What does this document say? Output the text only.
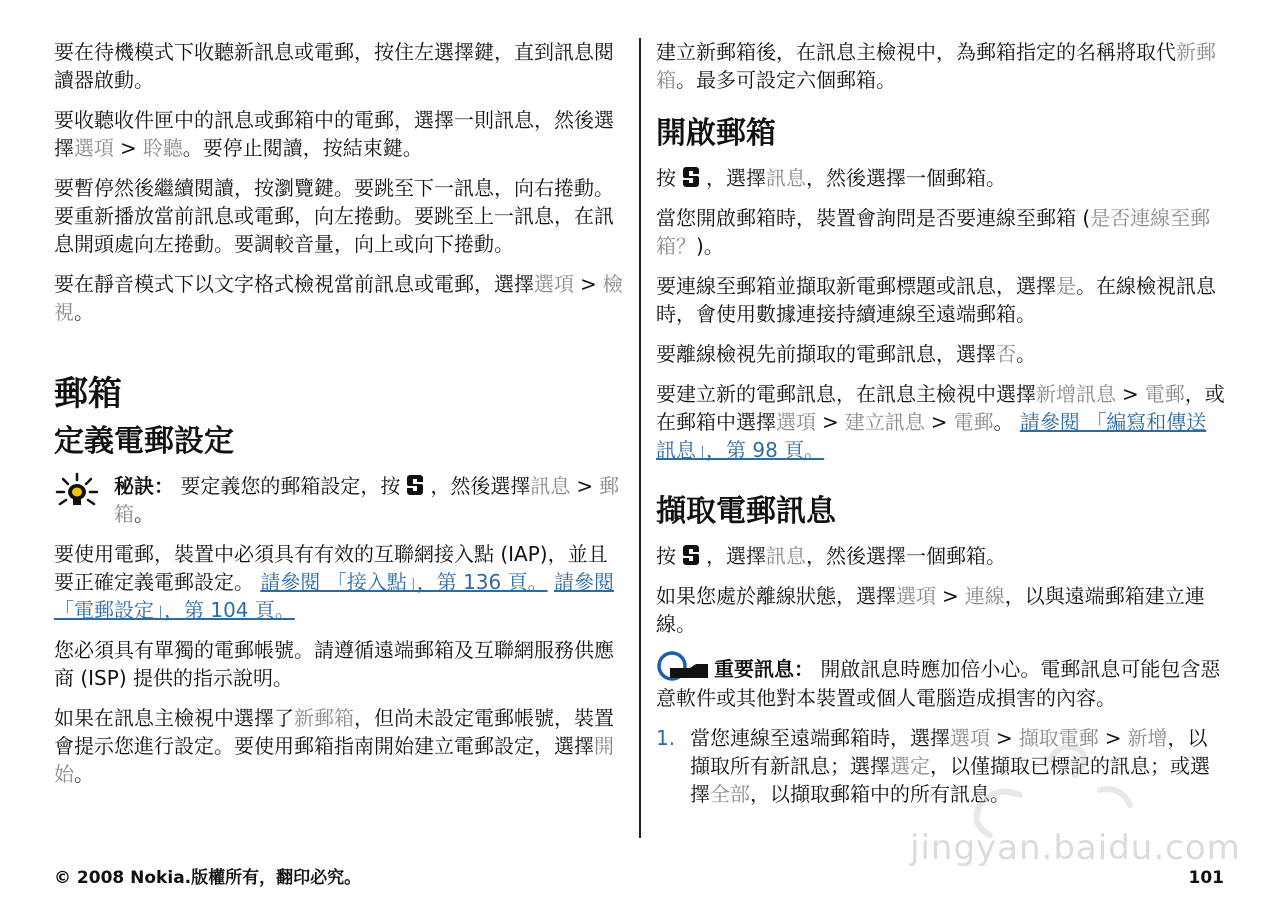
要在待機模式下收聽新訊息或電郵，按住左選擇鍵，直到訊息閱讀器啟動。

要收聽收件匣中的訊息或郵箱中的電郵，選擇一則訊息，然後選擇選項 > 聆聽。要停止閱讀，按結束鍵。

要暫停然後繼續閱讀，按瀏覽鍵。要跳至下一訊息，向右捲動。要重新播放當前訊息或電郵，向左捲動。要跳至上一訊息，在訊息開頭處向左捲動。要調較音量，向上或向下捲動。

要在靜音模式下以文字格式檢視當前訊息或電郵，選擇選項 > 檢視。

郵箱
定義電郵設定
秘訣： 要定義您的郵箱設定，按 ，然後選擇訊息 > 郵箱。

要使用電郵，裝置中必須具有有效的互聯網接入點 (IAP)，並且要正確定義電郵設定。 請參閱 「接入點」，第 136 頁。 請參閱 「電郵設定」，第 104 頁。

您必須具有單獨的電郵帳號。請遵循遠端郵箱及互聯網服務供應商 (ISP) 提供的指示說明。

如果在訊息主檢視中選擇了新郵箱，但尚未設定電郵帳號，裝置會提示您進行設定。要使用郵箱指南開始建立電郵設定，選擇開始。

建立新郵箱後，在訊息主檢視中，為郵箱指定的名稱將取代新郵箱。最多可設定六個郵箱。

開啟郵箱

按 ，選擇訊息，然後選擇一個郵箱。

當您開啟郵箱時，裝置會詢問是否要連線至郵箱 (是否連線至郵箱？)。

要連線至郵箱並擷取新電郵標題或訊息，選擇是。在線檢視訊息時，會使用數據連接持續連線至遠端郵箱。

要離線檢視先前擷取的電郵訊息，選擇否。

要建立新的電郵訊息，在訊息主檢視中選擇新增訊息 > 電郵，或在郵箱中選擇選項 > 建立訊息 > 電郵。 請參閱 「編寫和傳送訊息」，第 98 頁。

擷取電郵訊息

按 ，選擇訊息，然後選擇一個郵箱。

如果您處於離線狀態，選擇選項 > 連線，以與遠端郵箱建立連線。

重要訊息： 開啟訊息時應加倍小心。電郵訊息可能包含惡意軟件或其他對本裝置或個人電腦造成損害的內容。

1. 當您連線至遠端郵箱時，選擇選項 > 擷取電郵 > 新增，以擷取所有新訊息；選擇選定，以僅擷取已標記的訊息；或選擇全部，以擷取郵箱中的所有訊息。
jingyan.baidu.com
© 2008 Nokia.版權所有，翻印必究。	101
